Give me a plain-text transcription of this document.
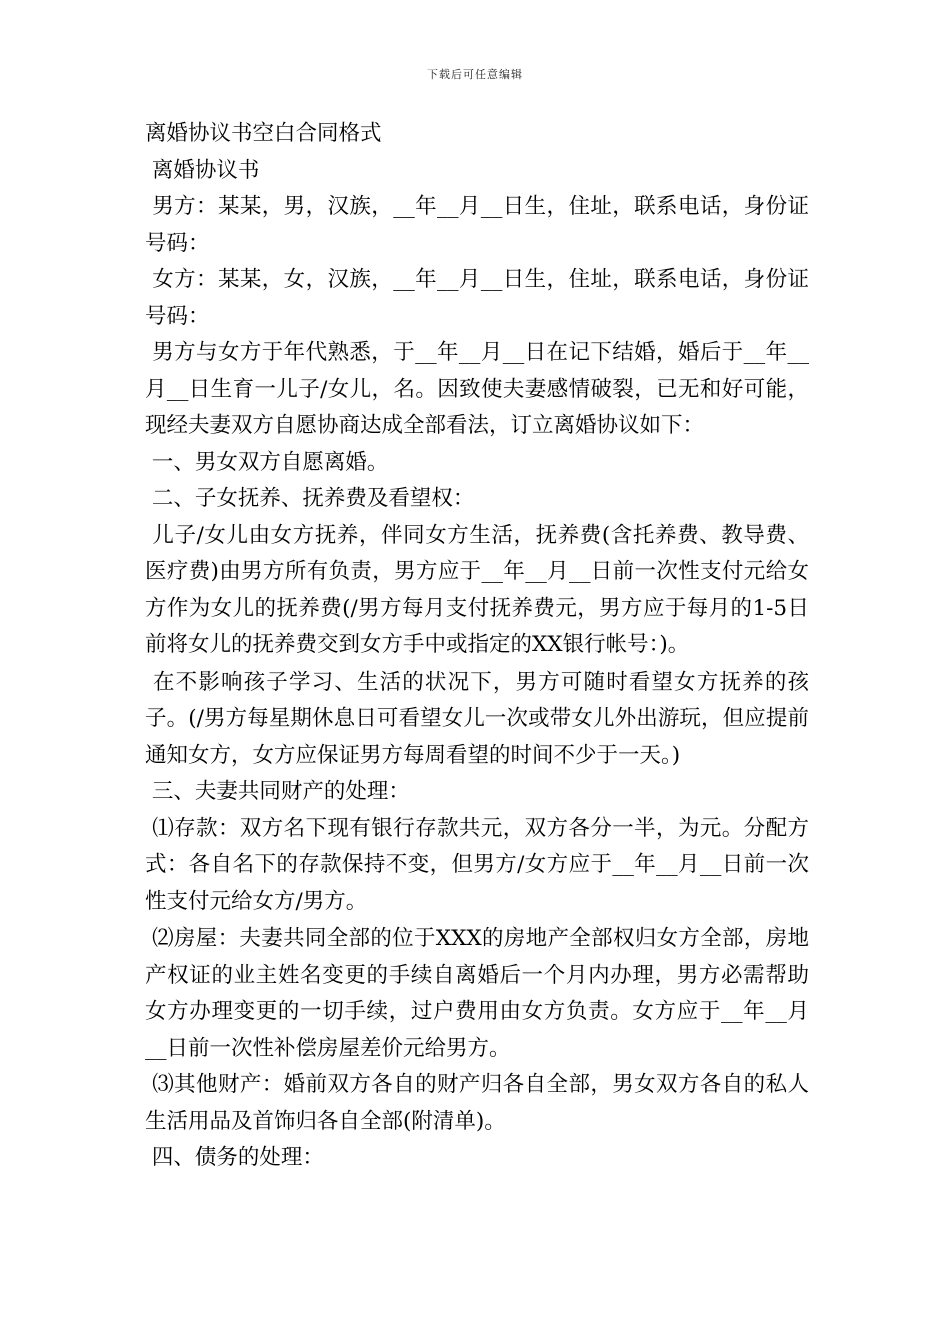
下载后可任意编辑

离婚协议书空白合同格式

离婚协议书

男方：某某，男，汉族，__年__月__日生，住址，联系电话，身份证号码：

女方：某某，女，汉族，__年__月__日生，住址，联系电话，身份证号码：

男方与女方于年代熟悉，于__年__月__日在记下结婚，婚后于__年__月__日生育一儿子/女儿，名。因致使夫妻感情破裂，已无和好可能，现经夫妻双方自愿协商达成全部看法，订立离婚协议如下：

一、男女双方自愿离婚。

二、子女抚养、抚养费及看望权：

儿子/女儿由女方抚养，伴同女方生活，抚养费(含托养费、教导费、医疗费)由男方所有负责，男方应于__年__月__日前一次性支付元给女方作为女儿的抚养费(/男方每月支付抚养费元，男方应于每月的1-5日前将女儿的抚养费交到女方手中或指定的XX银行帐号：)。

在不影响孩子学习、生活的状况下，男方可随时看望女方抚养的孩子。(/男方每星期休息日可看望女儿一次或带女儿外出游玩，但应提前通知女方，女方应保证男方每周看望的时间不少于一天。)

三、夫妻共同财产的处理：

⑴存款：双方名下现有银行存款共元，双方各分一半，为元。分配方式：各自名下的存款保持不变，但男方/女方应于__年__月__日前一次性支付元给女方/男方。

⑵房屋：夫妻共同全部的位于XXX的房地产全部权归女方全部，房地产权证的业主姓名变更的手续自离婚后一个月内办理，男方必需帮助女方办理变更的一切手续，过户费用由女方负责。女方应于__年__月__日前一次性补偿房屋差价元给男方。

⑶其他财产：婚前双方各自的财产归各自全部，男女双方各自的私人生活用品及首饰归各自全部(附清单)。

四、债务的处理：
